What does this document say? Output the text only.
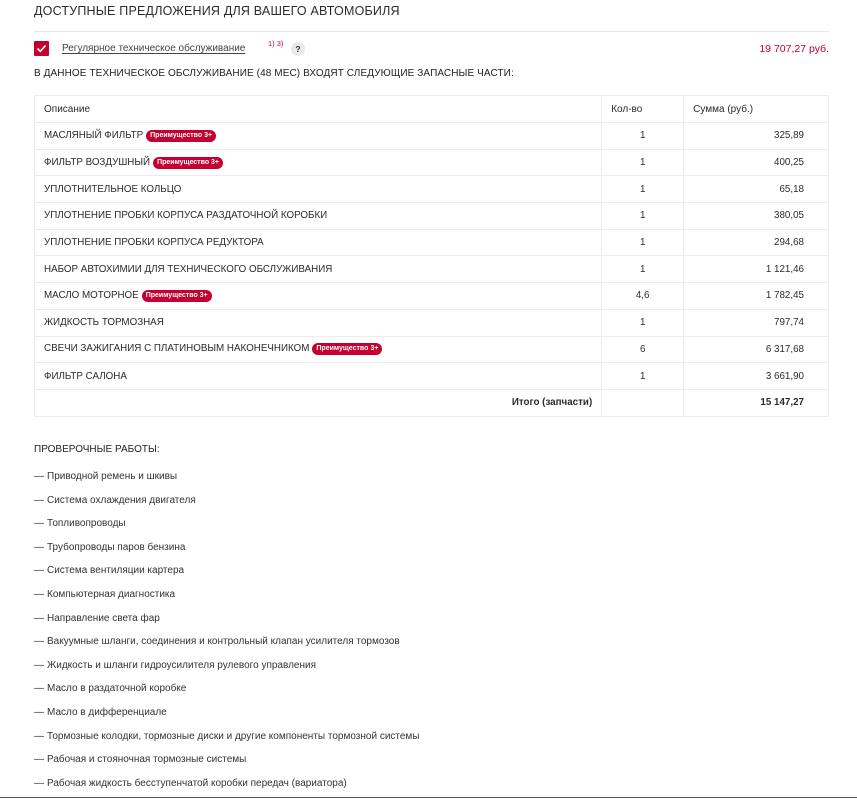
ДОСТУПНЫЕ ПРЕДЛОЖЕНИЯ ДЛЯ ВАШЕГО АВТОМОБИЛЯ
Регулярное техническое обслуживание	1) 3)
?	19 707,27 руб.
В ДАННОЕ ТЕХНИЧЕСКОЕ ОБСЛУЖИВАНИЕ (48 МЕС) ВХОДЯТ СЛЕДУЮЩИЕ ЗАПАСНЫЕ ЧАСТИ:
Описание	Кол-во	Сумма (руб.)
МАСЛЯНЫЙ ФИЛЬТР Преимущество 3+	1	325,89
ФИЛЬТР ВОЗДУШНЫЙ Преимущество 3+	1	400,25
УПЛОТНИТЕЛЬНОЕ КОЛЬЦО	1	65,18
УПЛОТНЕНИЕ ПРОБКИ КОРПУСА РАЗДАТОЧНОЙ КОРОБКИ	1	380,05
УПЛОТНЕНИЕ ПРОБКИ КОРПУСА РЕДУКТОРА	1	294,68
НАБОР АВТОХИМИИ ДЛЯ ТЕХНИЧЕСКОГО ОБСЛУЖИВАНИЯ	1	1 121,46
МАСЛО МОТОРНОЕ Преимущество 3+	4,6	1 782,45
ЖИДКОСТЬ ТОРМОЗНАЯ	1	797,74
СВЕЧИ ЗАЖИГАНИЯ С ПЛАТИНОВЫМ НАКОНЕЧНИКОМ Преимущество 3+	6	6 317,68
ФИЛЬТР САЛОНА	1	3 661,90
Итого (запчасти)		15 147,27
ПРОВЕРОЧНЫЕ РАБОТЫ:
— Приводной ремень и шкивы
— Система охлаждения двигателя
— Топливопроводы
— Трубопроводы паров бензина
— Система вентиляции картера
— Компьютерная диагностика
— Направление света фар
— Вакуумные шланги, соединения и контрольный клапан усилителя тормозов
— Жидкость и шланги гидроусилителя рулевого управления
— Масло в раздаточной коробке
— Масло в дифференциале
— Тормозные колодки, тормозные диски и другие компоненты тормозной системы
— Рабочая и стояночная тормозные системы
— Рабочая жидкость бесступенчатой коробки передач (вариатора)
